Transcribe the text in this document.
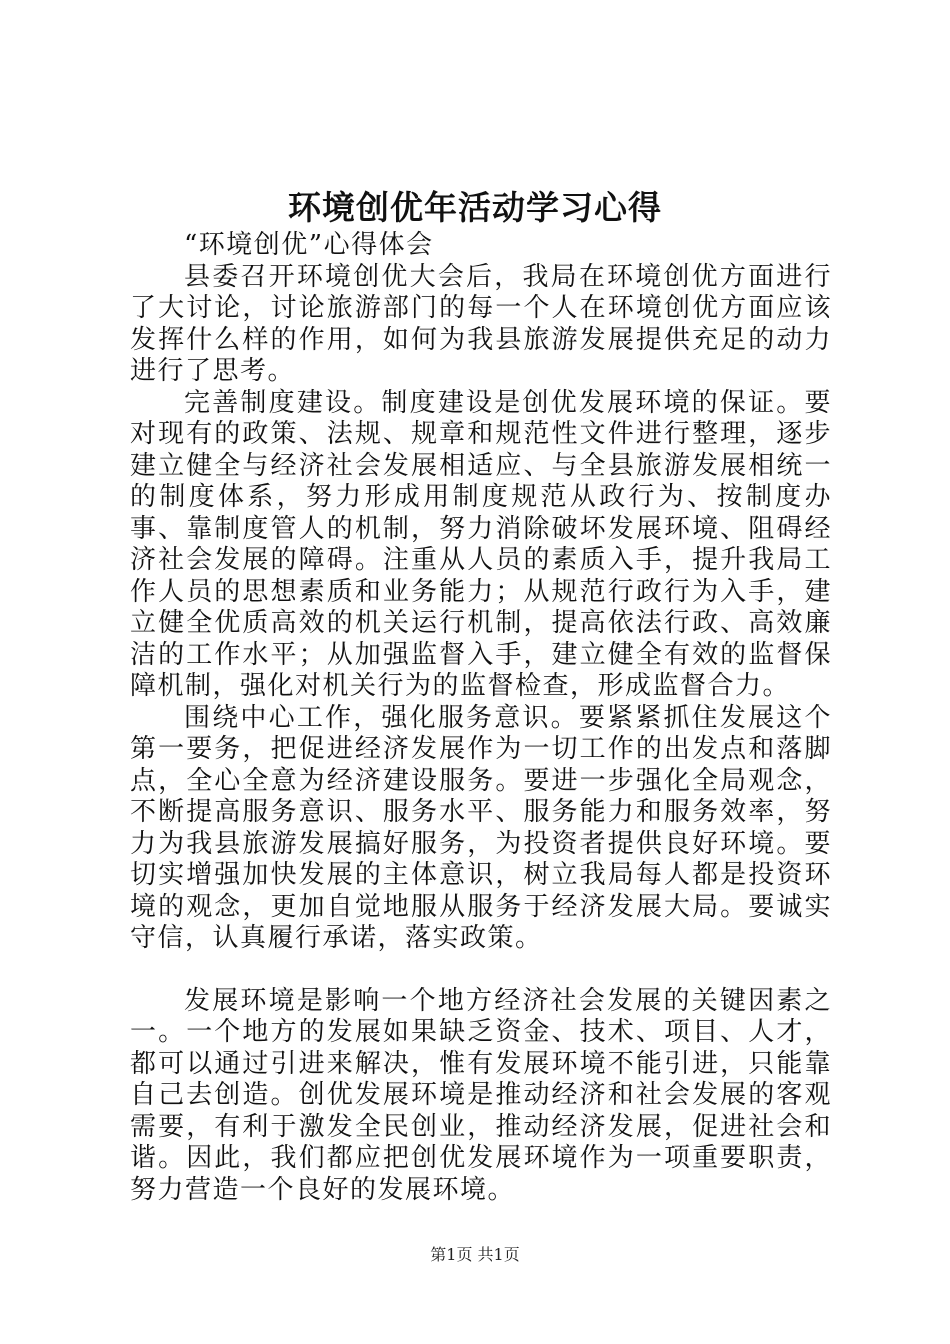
环境创优年活动学习心得

“环境创优”心得体会

县委召开环境创优大会后，我局在环境创优方面进行了大讨论，讨论旅游部门的每一个人在环境创优方面应该发挥什么样的作用，如何为我县旅游发展提供充足的动力进行了思考。

完善制度建设。制度建设是创优发展环境的保证。要对现有的政策、法规、规章和规范性文件进行整理，逐步建立健全与经济社会发展相适应、与全县旅游发展相统一的制度体系，努力形成用制度规范从政行为、按制度办事、靠制度管人的机制，努力消除破坏发展环境、阻碍经济社会发展的障碍。注重从人员的素质入手，提升我局工作人员的思想素质和业务能力；从规范行政行为入手，建立健全优质高效的机关运行机制，提高依法行政、高效廉洁的工作水平；从加强监督入手，建立健全有效的监督保障机制，强化对机关行为的监督检查，形成监督合力。

围绕中心工作，强化服务意识。要紧紧抓住发展这个第一要务，把促进经济发展作为一切工作的出发点和落脚点，全心全意为经济建设服务。要进一步强化全局观念，不断提高服务意识、服务水平、服务能力和服务效率，努力为我县旅游发展搞好服务，为投资者提供良好环境。要切实增强加快发展的主体意识，树立我局每人都是投资环境的观念，更加自觉地服从服务于经济发展大局。要诚实守信，认真履行承诺，落实政策。

发展环境是影响一个地方经济社会发展的关键因素之一。一个地方的发展如果缺乏资金、技术、项目、人才，都可以通过引进来解决，惟有发展环境不能引进，只能靠自己去创造。创优发展环境是推动经济和社会发展的客观需要，有利于激发全民创业，推动经济发展，促进社会和谐。因此，我们都应把创优发展环境作为一项重要职责，努力营造一个良好的发展环境。

第1页 共1页
